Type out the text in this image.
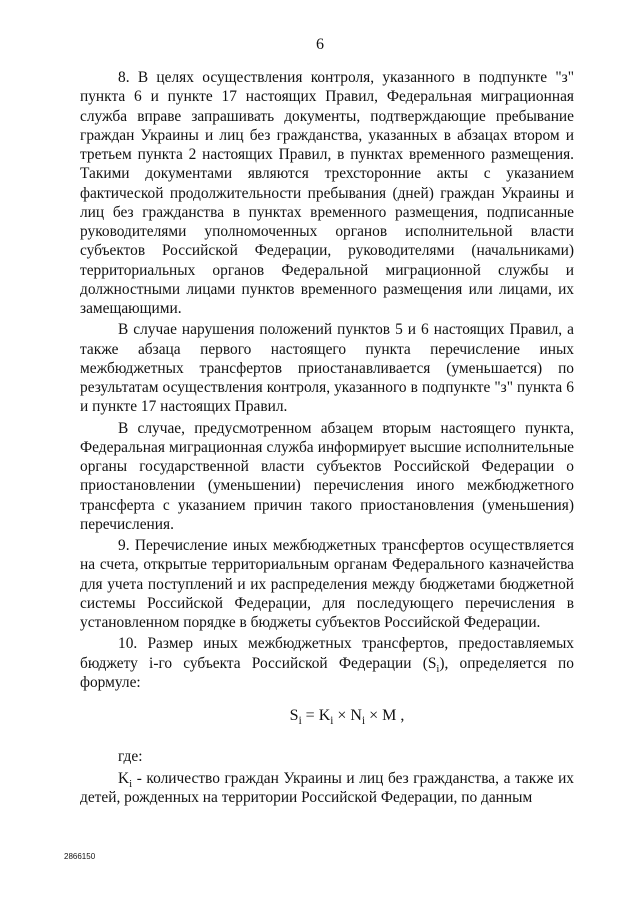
6

8. В целях осуществления контроля, указанного в подпункте "з" пункта 6 и пункте 17 настоящих Правил, Федеральная миграционная служба вправе запрашивать документы, подтверждающие пребывание граждан Украины и лиц без гражданства, указанных в абзацах втором и третьем пункта 2 настоящих Правил, в пунктах временного размещения. Такими документами являются трехсторонние акты с указанием фактической продолжительности пребывания (дней) граждан Украины и лиц без гражданства в пунктах временного размещения, подписанные руководителями уполномоченных органов исполнительной власти субъектов Российской Федерации, руководителями (начальниками) территориальных органов Федеральной миграционной службы и должностными лицами пунктов временного размещения или лицами, их замещающими.

В случае нарушения положений пунктов 5 и 6 настоящих Правил, а также абзаца первого настоящего пункта перечисление иных межбюджетных трансфертов приостанавливается (уменьшается) по результатам осуществления контроля, указанного в подпункте "з" пункта 6 и пункте 17 настоящих Правил.

В случае, предусмотренном абзацем вторым настоящего пункта, Федеральная миграционная служба информирует высшие исполнительные органы государственной власти субъектов Российской Федерации о приостановлении (уменьшении) перечисления иного межбюджетного трансферта с указанием причин такого приостановления (уменьшения) перечисления.

9. Перечисление иных межбюджетных трансфертов осуществляется на счета, открытые территориальным органам Федерального казначейства для учета поступлений и их распределения между бюджетами бюджетной системы Российской Федерации, для последующего перечисления в установленном порядке в бюджеты субъектов Российской Федерации.

10. Размер иных межбюджетных трансфертов, предоставляемых бюджету i-го субъекта Российской Федерации $(S_i)$, определяется по формуле:

$S_i = K_i \times N_i \times M$ ,

где:

$K_i$ - количество граждан Украины и лиц без гражданства, а также их детей, рожденных на территории Российской Федерации, по данным

2866150
